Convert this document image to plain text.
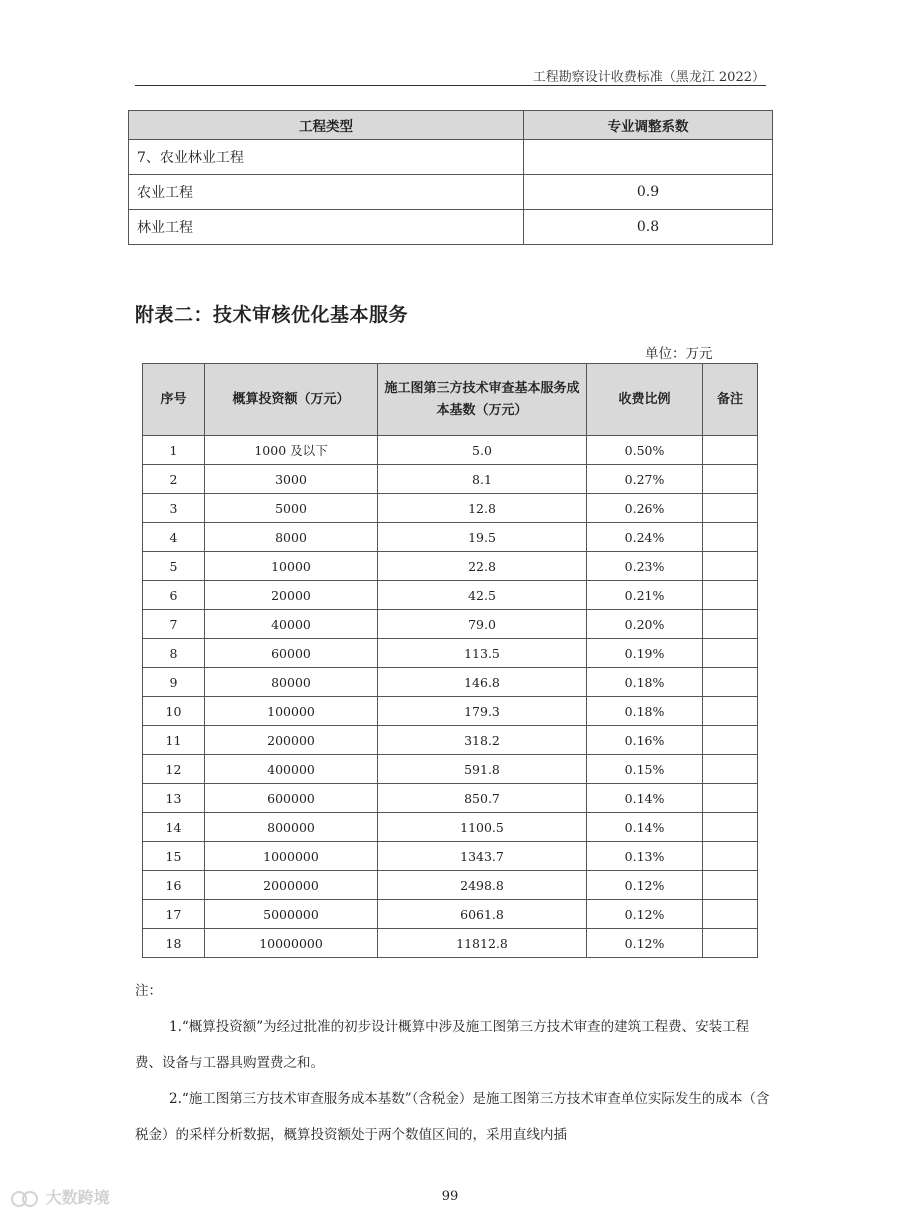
工程勘察设计收费标准（黑龙江 2022）
工程类型	专业调整系数
7、农业林业工程	
农业工程	0.9
林业工程	0.8
附表二：技术审核优化基本服务
单位：万元
序号	概算投资额（万元）	施工图第三方技术审查基本服务成本基数（万元）	收费比例	备注
1	1000 及以下	5.0	0.50%	
2	3000	8.1	0.27%	
3	5000	12.8	0.26%	
4	8000	19.5	0.24%	
5	10000	22.8	0.23%	
6	20000	42.5	0.21%	
7	40000	79.0	0.20%	
8	60000	113.5	0.19%	
9	80000	146.8	0.18%	
10	100000	179.3	0.18%	
11	200000	318.2	0.16%	
12	400000	591.8	0.15%	
13	600000	850.7	0.14%	
14	800000	1100.5	0.14%	
15	1000000	1343.7	0.13%	
16	2000000	2498.8	0.12%	
17	5000000	6061.8	0.12%	
18	10000000	11812.8	0.12%	

注：

1.“概算投资额”为经过批准的初步设计概算中涉及施工图第三方技术审查的建筑工程费、安装工程费、设备与工器具购置费之和。

2.“施工图第三方技术审查服务成本基数”（含税金）是施工图第三方技术审查单位实际发生的成本（含税金）的采样分析数据，概算投资额处于两个数值区间的，采用直线内插

99
大数跨境
